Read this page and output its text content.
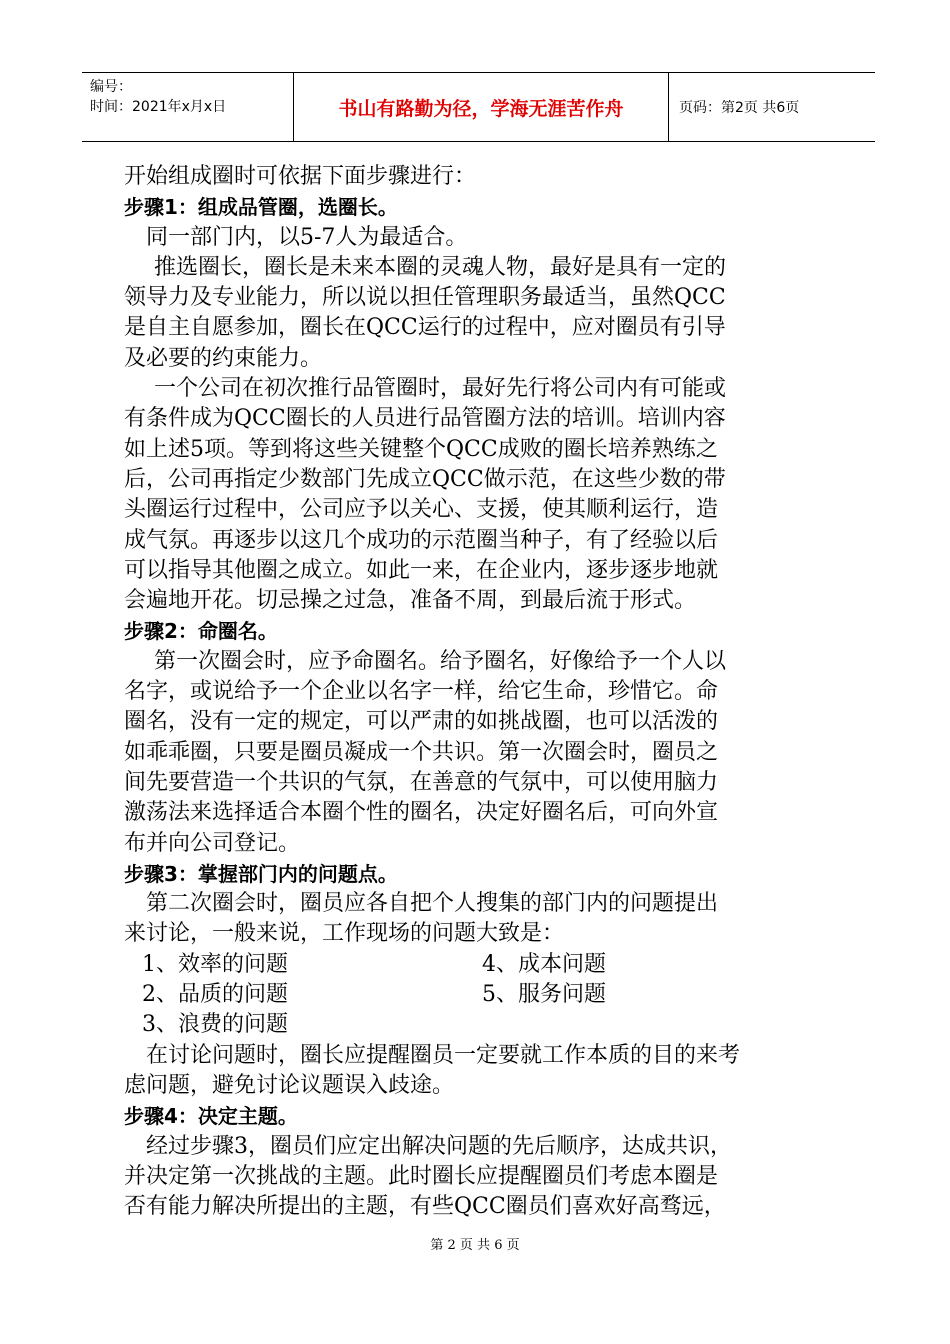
编号：
时间：2021年x月x日	书山有路勤为径，学海无涯苦作舟	页码：第2页 共6页
开始组成圈时可依据下面步骤进行：
步骤1：组成品管圈，选圈长。
同一部门内，以5-7人为最适合。
推选圈长，圈长是未来本圈的灵魂人物，最好是具有一定的
领导力及专业能力，所以说以担任管理职务最适当，虽然QCC
是自主自愿参加，圈长在QCC运行的过程中，应对圈员有引导
及必要的约束能力。
一个公司在初次推行品管圈时，最好先行将公司内有可能或
有条件成为QCC圈长的人员进行品管圈方法的培训。培训内容
如上述5项。等到将这些关键整个QCC成败的圈长培养熟练之
后，公司再指定少数部门先成立QCC做示范，在这些少数的带
头圈运行过程中，公司应予以关心、支援，使其顺利运行，造
成气氛。再逐步以这几个成功的示范圈当种子，有了经验以后
可以指导其他圈之成立。如此一来，在企业内，逐步逐步地就
会遍地开花。切忌操之过急，准备不周，到最后流于形式。
步骤2：命圈名。
第一次圈会时，应予命圈名。给予圈名，好像给予一个人以
名字，或说给予一个企业以名字一样，给它生命，珍惜它。命
圈名，没有一定的规定，可以严肃的如挑战圈，也可以活泼的
如乖乖圈，只要是圈员凝成一个共识。第一次圈会时，圈员之
间先要营造一个共识的气氛，在善意的气氛中，可以使用脑力
激荡法来选择适合本圈个性的圈名，决定好圈名后，可向外宣
布并向公司登记。
步骤3：掌握部门内的问题点。
第二次圈会时，圈员应各自把个人搜集的部门内的问题提出
来讨论，一般来说，工作现场的问题大致是：
1、效率的问题	4、成本问题
2、品质的问题	5、服务问题
3、浪费的问题
在讨论问题时，圈长应提醒圈员一定要就工作本质的目的来考
虑问题，避免讨论议题误入歧途。
步骤4：决定主题。
经过步骤3，圈员们应定出解决问题的先后顺序，达成共识，
并决定第一次挑战的主题。此时圈长应提醒圈员们考虑本圈是
否有能力解决所提出的主题，有些QCC圈员们喜欢好高骛远，
第 2 页 共 6 页
